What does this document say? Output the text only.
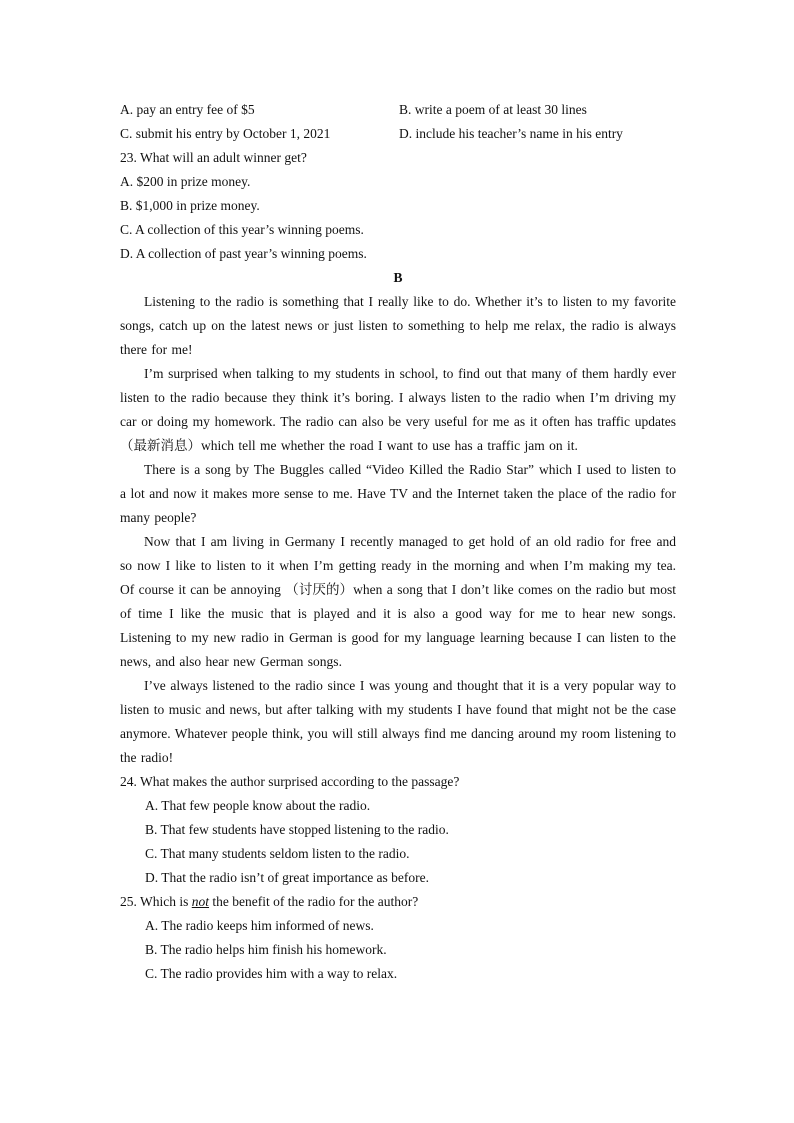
A. pay an entry fee of $5	B. write a poem of at least 30 lines
C. submit his entry by October 1, 2021	D. include his teacher’s name in his entry
23. What will an adult winner get?
A. $200 in prize money.
B. $1,000 in prize money.
C. A collection of this year’s winning poems.
D. A collection of past year’s winning poems.
B

Listening to the radio is something that I really like to do. Whether it’s to listen to my favorite songs, catch up on the latest news or just listen to something to help me relax, the radio is always there for me!

I’m surprised when talking to my students in school, to find out that many of them hardly ever listen to the radio because they think it’s boring. I always listen to the radio when I’m driving my car or doing my homework. The radio can also be very useful for me as it often has traffic updates（最新消息）which tell me whether the road I want to use has a traffic jam on it.

There is a song by The Buggles called “Video Killed the Radio Star” which I used to listen to a lot and now it makes more sense to me. Have TV and the Internet taken the place of the radio for many people?

Now that I am living in Germany I recently managed to get hold of an old radio for free and so now I like to listen to it when I’m getting ready in the morning and when I’m making my tea. Of course it can be annoying （讨厌的）when a song that I don’t like comes on the radio but most of time I like the music that is played and it is also a good way for me to hear new songs. Listening to my new radio in German is good for my language learning because I can listen to the news, and also hear new German songs.

I’ve always listened to the radio since I was young and thought that it is a very popular way to listen to music and news, but after talking with my students I have found that might not be the case anymore. Whatever people think, you will still always find me dancing around my room listening to the radio!

24. What makes the author surprised according to the passage?
A. That few people know about the radio.
B. That few students have stopped listening to the radio.
C. That many students seldom listen to the radio.
D. That the radio isn’t of great importance as before.
25. Which is not the benefit of the radio for the author?
A. The radio keeps him informed of news.
B. The radio helps him finish his homework.
C. The radio provides him with a way to relax.
